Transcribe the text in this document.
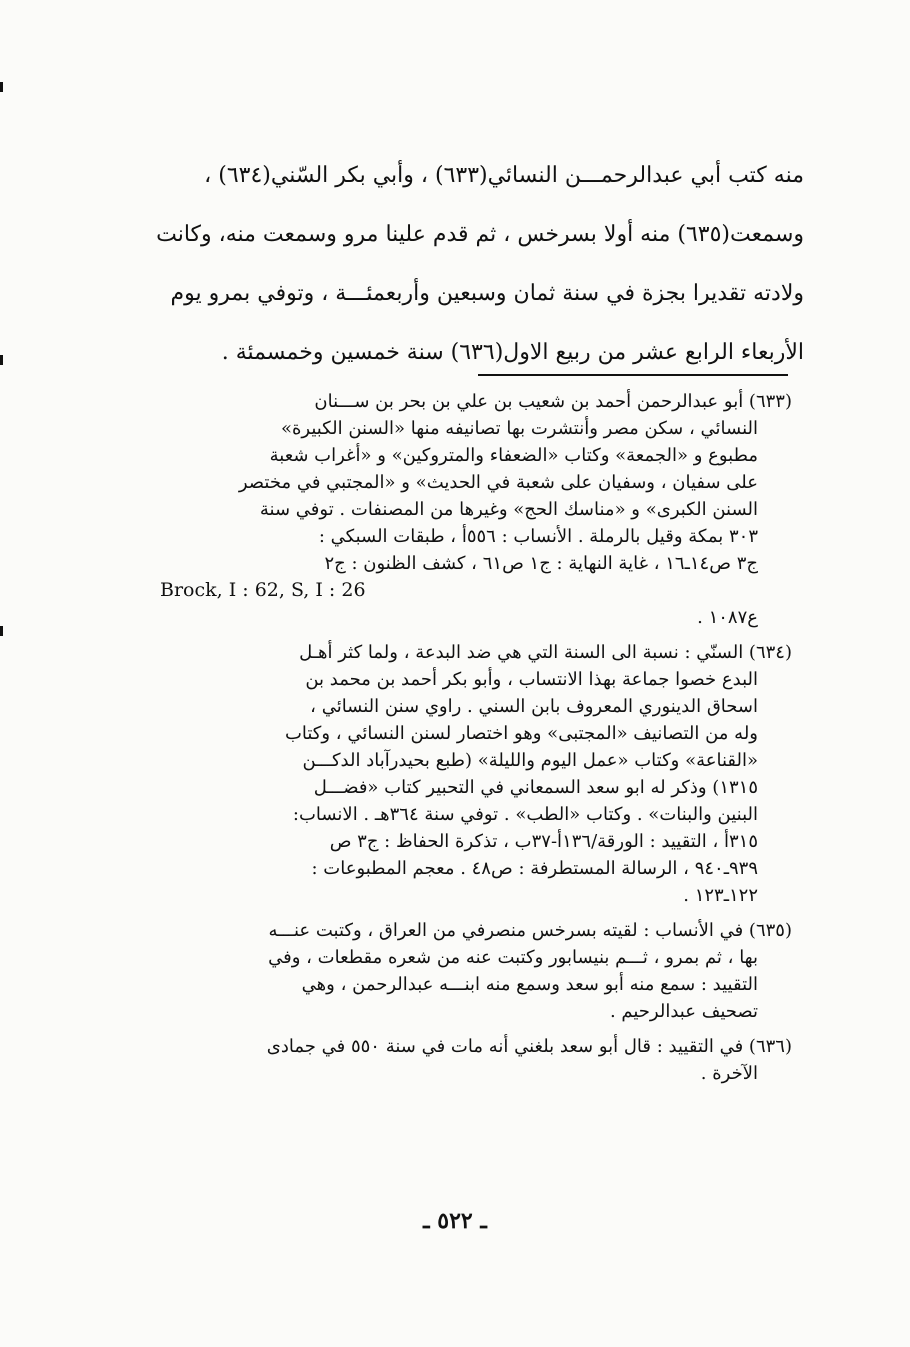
منه كتب أبي عبدالرحمـــن النسائي(٦٣٣) ، وأبي بكر السّني(٦٣٤) ،
وسمعت(٦٣٥) منه أولا بسرخس ، ثم قدم علينا مرو وسمعت منه، وكانت
ولادته تقديرا بجزة في سنة ثمان وسبعين وأربعمئـــة ، وتوفي بمرو يوم
الأربعاء الرابع عشر من ربيع الاول(٦٣٦) سنة خمسين وخمسمئة .
(٦٣٣) أبو عبدالرحمن أحمد بن شعيب بن علي بن بحر بن ســـنان
النسائي ، سكن مصر وأنتشرت بها تصانيفه منها «السنن الكبيرة»
مطبوع و «الجمعة» وكتاب «الضعفاء والمتروكين» و «أغراب شعبة
على سفيان ، وسفيان على شعبة في الحديث» و «المجتبي في مختصر
السنن الكبرى» و «مناسك الحج» وغيرها من المصنفات . توفي سنة
٣٠٣ بمكة وقيل بالرملة . الأنساب : ٥٥٦أ ، طبقات السبكي :
ج٣ ص١٤ـ١٦ ، غاية النهاية : ج١ ص٦١ ، كشف الظنون : ج٢
Brock, I : 62, S, I : 26
ع١٠٨٧ .
(٦٣٤) السنّي : نسبة الى السنة التي هي ضد البدعة ، ولما كثر أهـل
البدع خصوا جماعة بهذا الانتساب ، وأبو بكر أحمد بن محمد بن
اسحاق الدينوري المعروف بابن السني . راوي سنن النسائي ،
وله من التصانيف «المجتبى» وهو اختصار لسنن النسائي ، وكتاب
«القناعة» وكتاب «عمل اليوم والليلة» (طبع بحيدرآباد الدكـــن
١٣١٥) وذكر له ابو سعد السمعاني في التحبير كتاب «فضـــل
البنين والبنات» . وكتاب «الطب» . توفي سنة ٣٦٤هـ . الانساب:
٣١٥أ ، التقييد : الورقة/١٣٦أ-٣٧ب ، تذكرة الحفاظ : ج٣ ص
٩٣٩ـ٩٤٠ ، الرسالة المستطرفة : ص٤٨ . معجم المطبوعات :
١٢٢ـ١٢٣ .
(٦٣٥) في الأنساب : لقيته بسرخس منصرفي من العراق ، وكتبت عنـــه
بها ، ثم بمرو ، ثـــم بنيسابور وكتبت عنه من شعره مقطعات ، وفي
التقييد : سمع منه أبو سعد وسمع منه ابنـــه عبدالرحمن ، وهي
تصحيف عبدالرحيم .
(٦٣٦) في التقييد : قال أبو سعد بلغني أنه مات في سنة ٥٥٠ في جمادى
الآخرة .
ـ ٥٢٢ ـ
